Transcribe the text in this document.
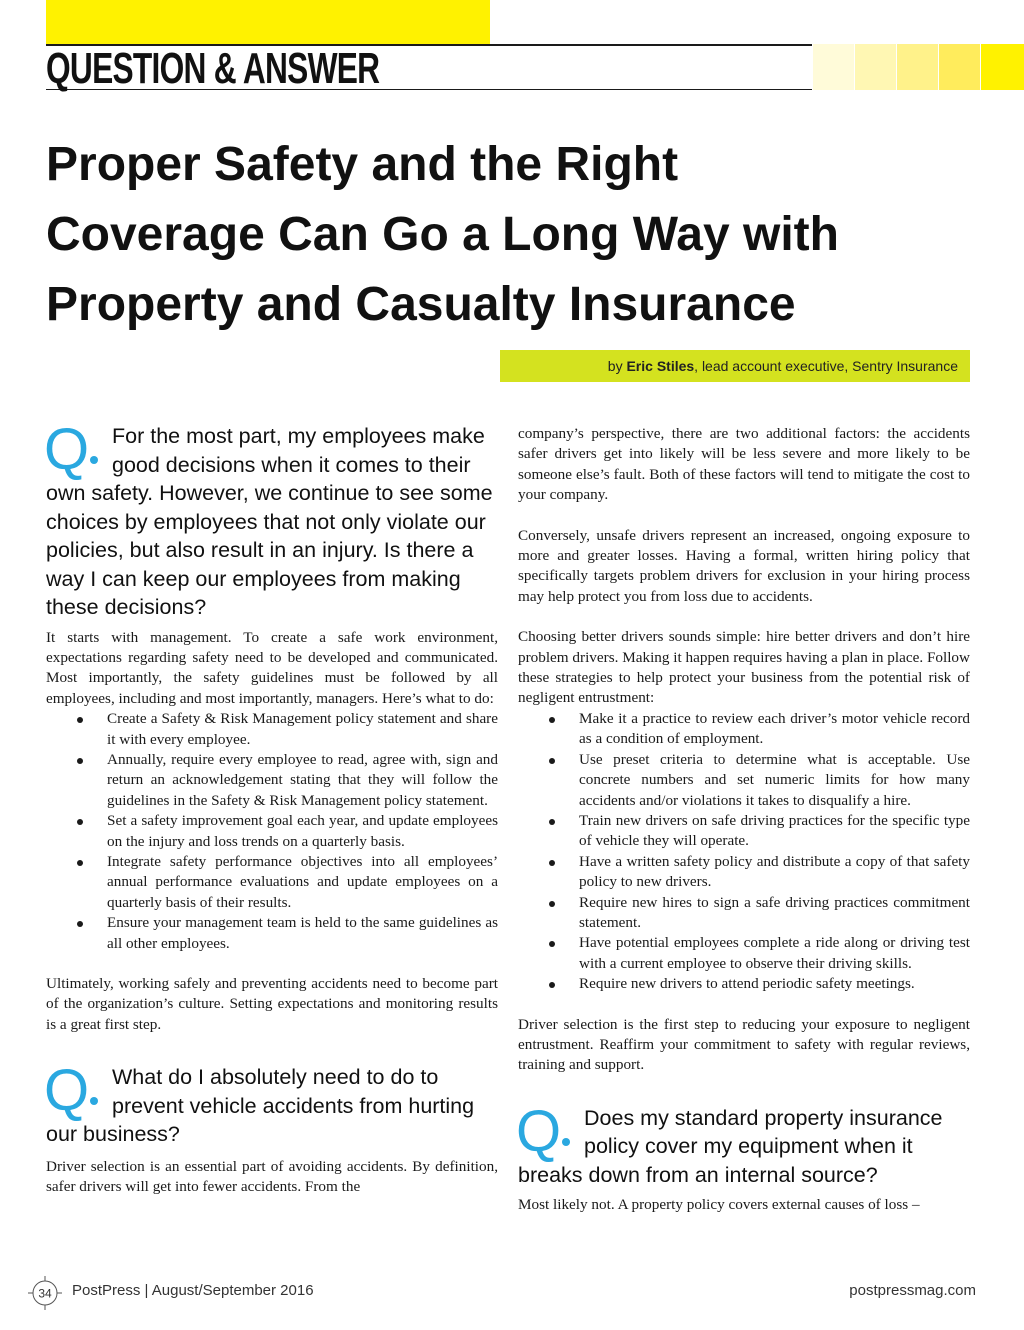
QUESTION & ANSWER
Proper Safety and the Right
Coverage Can Go a Long Way with
Property and Casualty Insurance
by Eric Stiles, lead account executive, Sentry Insurance
Q	For the most part, my employees make good decisions when it comes to their own safety. However, we continue to see some choices by employees that not only violate our policies, but also result in an injury. Is there a way I can keep our employees from making these decisions?

It starts with management. To create a safe work environment, expectations regarding safety need to be developed and communicated. Most importantly, the safety guidelines must be followed by all employees, including and most importantly, managers. Here’s what to do:

Create a Safety & Risk Management policy statement and share it with every employee.
Annually, require every employee to read, agree with, sign and return an acknowledgement stating that they will follow the guidelines in the Safety & Risk Management policy statement.
Set a safety improvement goal each year, and update employees on the injury and loss trends on a quarterly basis.
Integrate safety performance objectives into all employees’ annual performance evaluations and update employees on a quarterly basis of their results.
Ensure your management team is held to the same guidelines as all other employees.

Ultimately, working safely and preventing accidents need to become part of the organization’s culture. Setting expectations and monitoring results is a great first step.

Q	What do I absolutely need to do to prevent vehicle accidents from hurting our business?

Driver selection is an essential part of avoiding accidents. By definition, safer drivers will get into fewer accidents. From the

company’s perspective, there are two additional factors: the accidents safer drivers get into likely will be less severe and more likely to be someone else’s fault. Both of these factors will tend to mitigate the cost to your company.

Conversely, unsafe drivers represent an increased, ongoing exposure to more and greater losses. Having a formal, written hiring policy that specifically targets problem drivers for exclusion in your hiring process may help protect you from loss due to accidents.

Choosing better drivers sounds simple: hire better drivers and don’t hire problem drivers. Making it happen requires having a plan in place. Follow these strategies to help protect your business from the potential risk of negligent entrustment:

Make it a practice to review each driver’s motor vehicle record as a condition of employment.
Use preset criteria to determine what is acceptable. Use concrete numbers and set numeric limits for how many accidents and/or violations it takes to disqualify a hire.
Train new drivers on safe driving practices for the specific type of vehicle they will operate.
Have a written safety policy and distribute a copy of that safety policy to new drivers.
Require new hires to sign a safe driving practices commitment statement.
Have potential employees complete a ride along or driving test with a current employee to observe their driving skills.
Require new drivers to attend periodic safety meetings.

Driver selection is the first step to reducing your exposure to negligent entrustment. Reaffirm your commitment to safety with regular reviews, training and support.

Q	Does my standard property insurance policy cover my equipment when it breaks down from an internal source?

Most likely not. A property policy covers external causes of loss –

34 PostPress | August/September 2016	postpressmag.com
